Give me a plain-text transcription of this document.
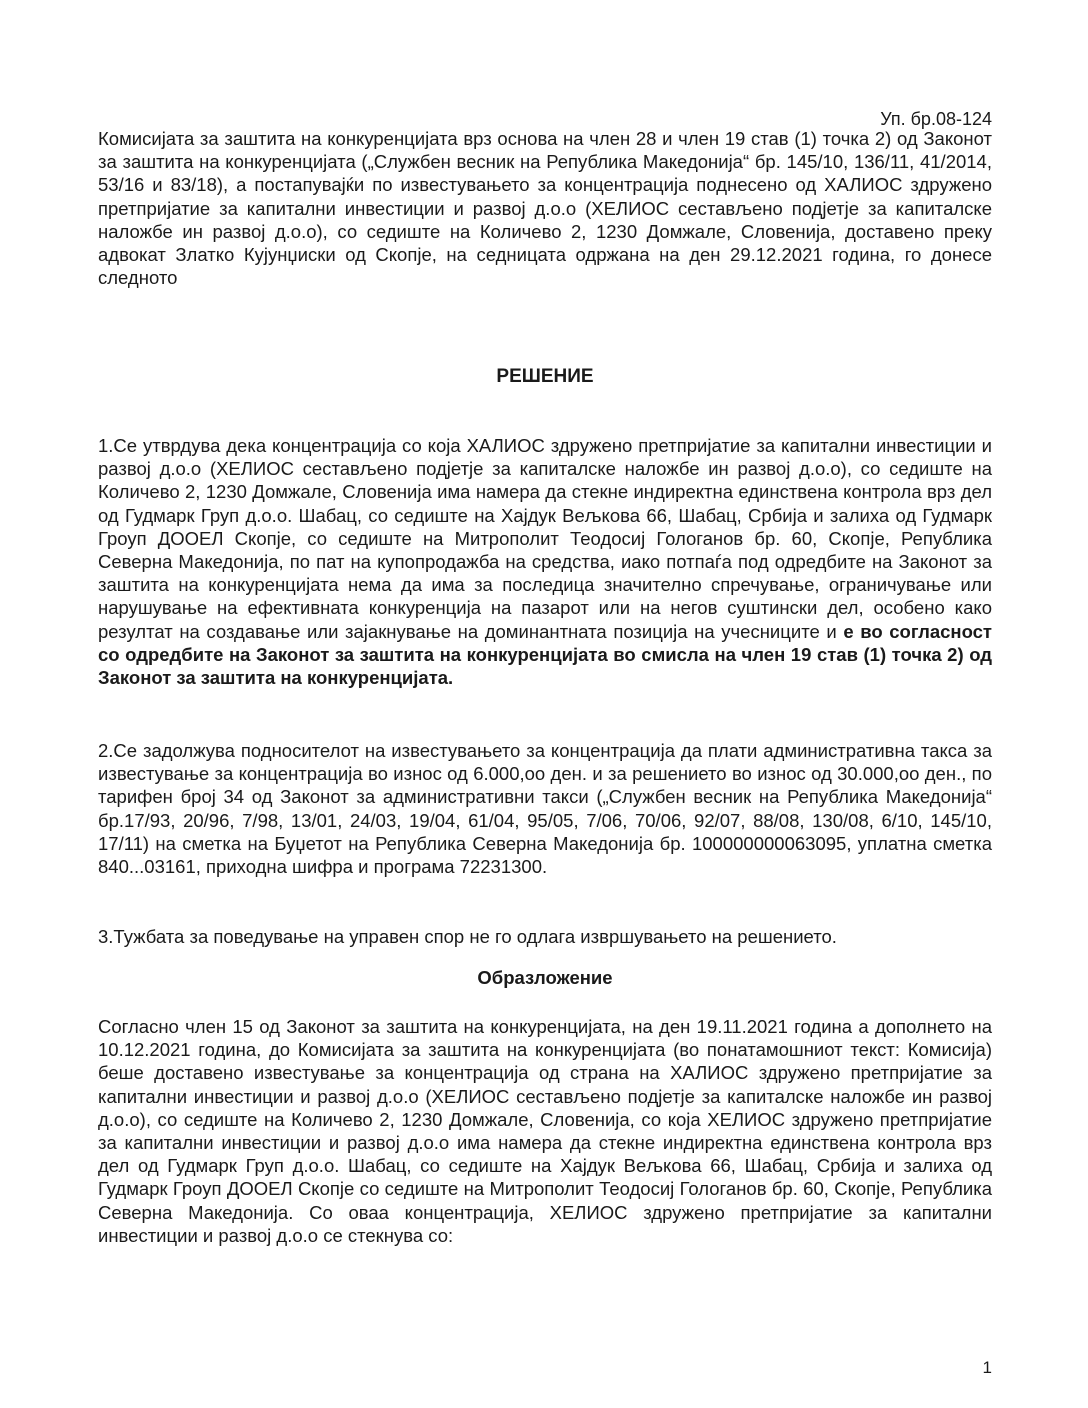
Уп. бр.08-124

Комисијата за заштита на конкуренцијата врз основа на член 28 и член 19 став (1) точка 2) од Законот за заштита на конкуренцијата („Службен весник на Република Македонија“ бр. 145/10, 136/11, 41/2014, 53/16 и 83/18), а постапувајќи по известувањето за концентрација поднесено од ХАЛИОС здружено претпријатие за капитални инвестиции и развој д.о.о (ХЕЛИОС сестављено подјетје за капиталске наложбе ин развој д.о.о), со седиште на Количево 2, 1230 Домжале, Словенија, доставено преку адвокат Златко Кујунџиски од Скопје, на седницата одржана на ден 29.12.2021 година, го донесе следното

РЕШЕНИЕ

1.Се утврдува дека концентрација со која ХАЛИОС здружено претпријатие за капитални инвестиции и развој д.о.о (ХЕЛИОС сестављено подјетје за капиталске наложбе ин развој д.о.о), со седиште на Количево 2, 1230 Домжале, Словенија има намера да стекне индиректна единствена контрола врз дел од Гудмарк Груп д.о.о. Шабац, со седиште на Хајдук Вељкова 66, Шабац, Србија и залиха од Гудмарк Гроуп ДООЕЛ Скопје, со седиште на Митрополит Теодосиј Гологанов бр. 60, Скопје, Република Северна Македонија, по пат на купопродажба на средства, иако потпаѓа под одредбите на Законот за заштита на конкуренцијата нема да има за последица значително спречување, ограничување или нарушување на ефективната конкуренција на пазарот или на негов суштински дел, особено како резултат на создавање или зајакнување на доминантната позиција на учесниците и е во согласност со одредбите на Законот за заштита на конкуренцијата во смисла на член 19 став (1) точка 2) од Законот за заштита на конкуренцијата.

2.Се задолжува подносителот на известувањето за концентрација да плати административна такса за известување за концентрација во износ од 6.000,оо ден. и за решението во износ од 30.000,оо ден., по тарифен број 34 од Законот за административни такси („Службен весник на Република Македонија“ бр.17/93, 20/96, 7/98, 13/01, 24/03, 19/04, 61/04, 95/05, 7/06, 70/06, 92/07, 88/08, 130/08, 6/10, 145/10, 17/11) на сметка на Буџетот на Република Северна Македонија бр. 100000000063095, уплатна сметка 840...03161, приходна шифра и програма 72231300.

3.Тужбата за поведување на управен спор не го одлага извршувањето на решението.

Образложение

Согласно член 15 од Законот за заштита на конкуренцијата, на ден 19.11.2021 година а дополнето на 10.12.2021 година, до Комисијата за заштита на конкуренцијата (во понатамошниот текст: Комисија) беше доставено известување за концентрација од страна на ХАЛИОС здружено претпријатие за капитални инвестиции и развој д.о.о (ХЕЛИОС сестављено подјетје за капиталске наложбе ин развој д.о.о), со седиште на Количево 2, 1230 Домжале, Словенија, со која ХЕЛИОС здружено претпријатие за капитални инвестиции и развој д.о.о има намера да стекне индиректна единствена контрола врз дел од Гудмарк Груп д.о.о. Шабац, со седиште на Хајдук Вељкова 66, Шабац, Србија и залиха од Гудмарк Гроуп ДООЕЛ Скопје со седиште на Митрополит Теодосиј Гологанов бр. 60, Скопје, Република Северна Македонија. Со оваа концентрација, ХЕЛИОС здружено претпријатие за капитални инвестиции и развој д.о.о се стекнува со:

1
